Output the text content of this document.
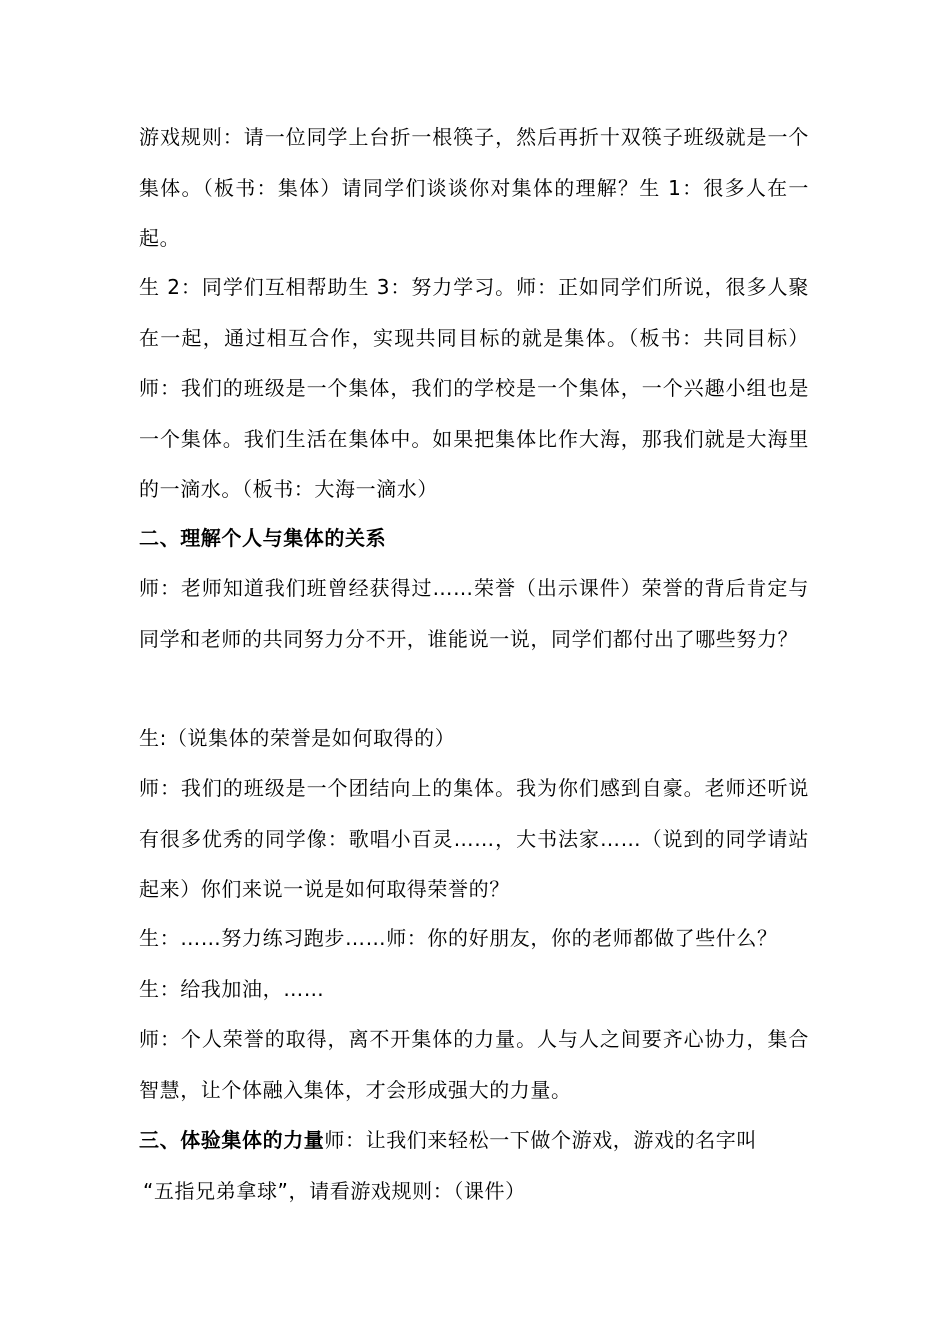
游戏规则：请一位同学上台折一根筷子，然后再折十双筷子班级就是一个集体。（板书：集体）请同学们谈谈你对集体的理解？生 1：很多人在一起。

生 2：同学们互相帮助生 3：努力学习。师：正如同学们所说，很多人聚在一起，通过相互合作，实现共同目标的就是集体。（板书：共同目标）师：我们的班级是一个集体，我们的学校是一个集体，一个兴趣小组也是一个集体。我们生活在集体中。如果把集体比作大海，那我们就是大海里的一滴水。（板书：大海一滴水）

二、理解个人与集体的关系

师：老师知道我们班曾经获得过……荣誉（出示课件）荣誉的背后肯定与同学和老师的共同努力分不开，谁能说一说，同学们都付出了哪些努力？

生:（说集体的荣誉是如何取得的）

师：我们的班级是一个团结向上的集体。我为你们感到自豪。老师还听说有很多优秀的同学像：歌唱小百灵……，大书法家……（说到的同学请站起来）你们来说一说是如何取得荣誉的？

生：……努力练习跑步……师：你的好朋友，你的老师都做了些什么？

生：给我加油，……

师：个人荣誉的取得，离不开集体的力量。人与人之间要齐心协力，集合智慧，让个体融入集体，才会形成强大的力量。

三、体验集体的力量师：让我们来轻松一下做个游戏，游戏的名字叫
“五指兄弟拿球”，请看游戏规则：（课件）
